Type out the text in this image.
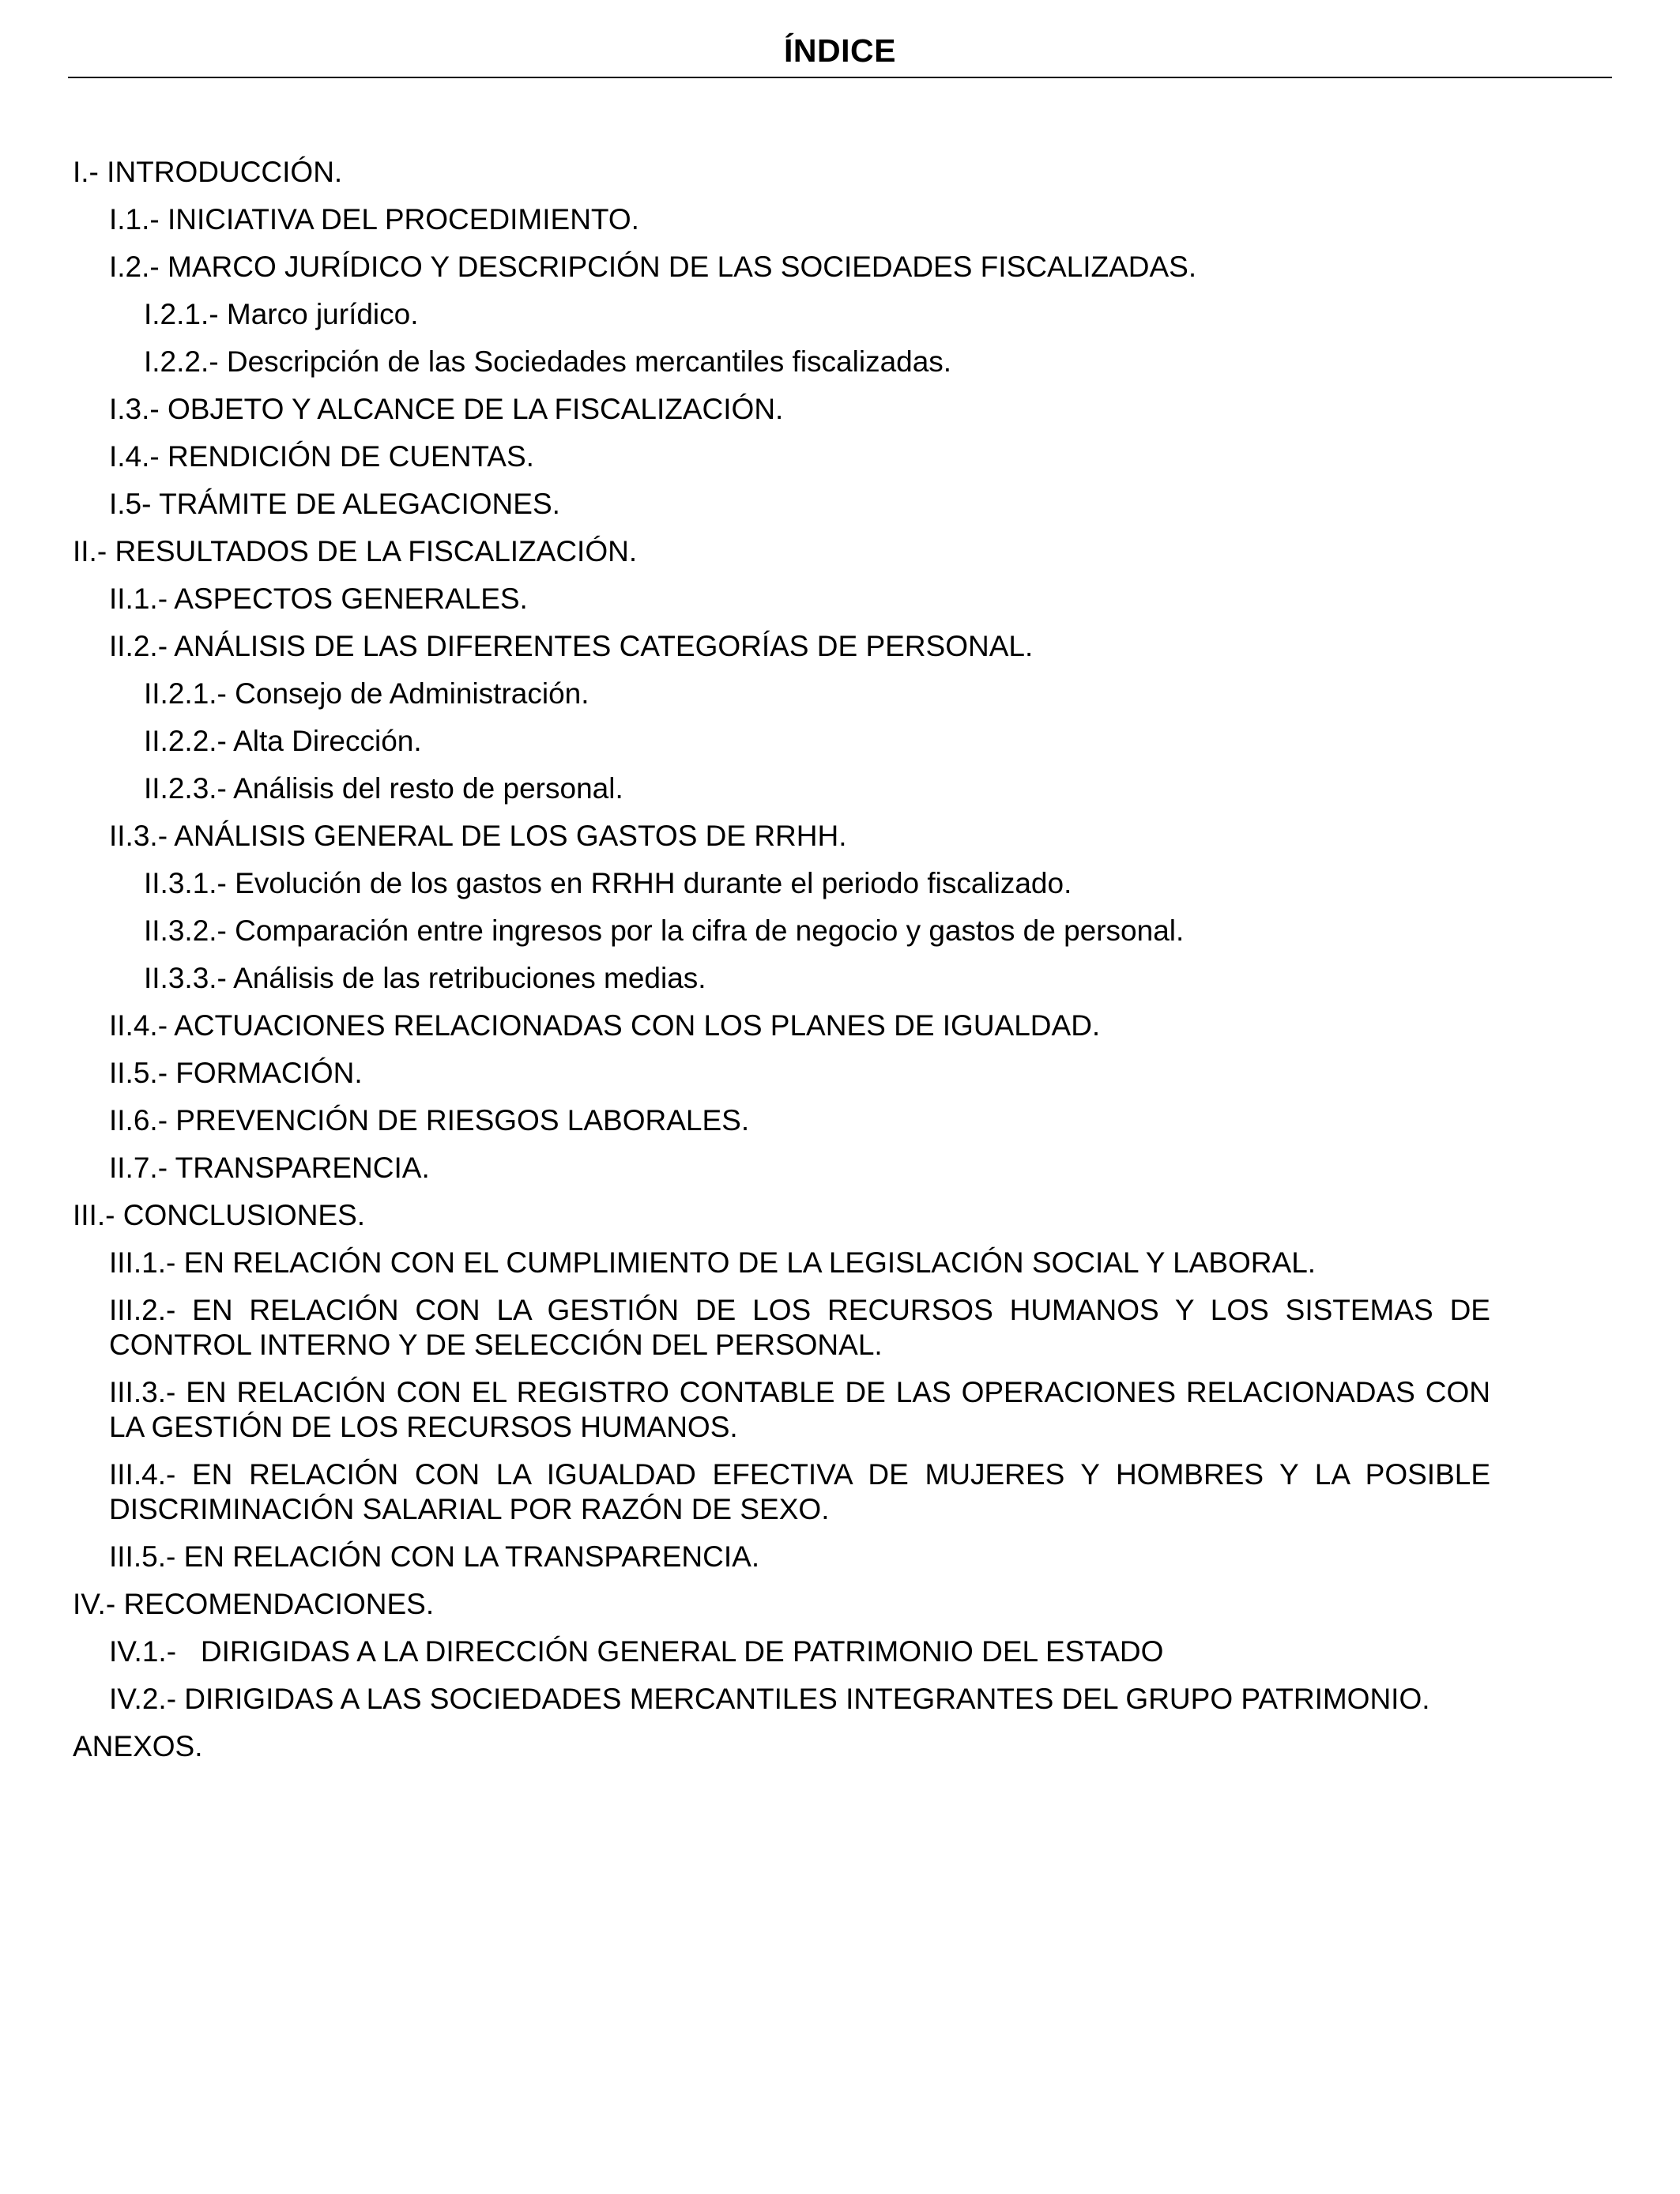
ÍNDICE
I.- INTRODUCCIÓN.
I.1.- INICIATIVA DEL PROCEDIMIENTO.
I.2.- MARCO JURÍDICO Y DESCRIPCIÓN DE LAS SOCIEDADES FISCALIZADAS.
I.2.1.- Marco jurídico.
I.2.2.- Descripción de las Sociedades mercantiles fiscalizadas.
I.3.- OBJETO Y ALCANCE DE LA FISCALIZACIÓN.
I.4.- RENDICIÓN DE CUENTAS.
I.5- TRÁMITE DE ALEGACIONES.
II.- RESULTADOS DE LA FISCALIZACIÓN.
II.1.- ASPECTOS GENERALES.
II.2.- ANÁLISIS DE LAS DIFERENTES CATEGORÍAS DE PERSONAL.
II.2.1.- Consejo de Administración.
II.2.2.- Alta Dirección.
II.2.3.- Análisis del resto de personal.
II.3.- ANÁLISIS GENERAL DE LOS GASTOS DE RRHH.
II.3.1.- Evolución de los gastos en RRHH durante el periodo fiscalizado.
II.3.2.- Comparación entre ingresos por la cifra de negocio y gastos de personal.
II.3.3.- Análisis de las retribuciones medias.
II.4.- ACTUACIONES RELACIONADAS CON LOS PLANES DE IGUALDAD.
II.5.- FORMACIÓN.
II.6.- PREVENCIÓN DE RIESGOS LABORALES.
II.7.- TRANSPARENCIA.
III.- CONCLUSIONES.
III.1.- EN RELACIÓN CON EL CUMPLIMIENTO DE LA LEGISLACIÓN SOCIAL Y LABORAL.
III.2.- EN RELACIÓN CON LA GESTIÓN DE LOS RECURSOS HUMANOS Y LOS SISTEMAS DE CONTROL INTERNO Y DE SELECCIÓN DEL PERSONAL.
III.3.- EN RELACIÓN CON EL REGISTRO CONTABLE DE LAS OPERACIONES RELACIONADAS CON LA GESTIÓN DE LOS RECURSOS HUMANOS.
III.4.- EN RELACIÓN CON LA IGUALDAD EFECTIVA DE MUJERES Y HOMBRES Y LA POSIBLE DISCRIMINACIÓN SALARIAL POR RAZÓN DE SEXO.
III.5.- EN RELACIÓN CON LA TRANSPARENCIA.
IV.- RECOMENDACIONES.
IV.1.-   DIRIGIDAS A LA DIRECCIÓN GENERAL DE PATRIMONIO DEL ESTADO
IV.2.- DIRIGIDAS A LAS SOCIEDADES MERCANTILES INTEGRANTES DEL GRUPO PATRIMONIO.
ANEXOS.
